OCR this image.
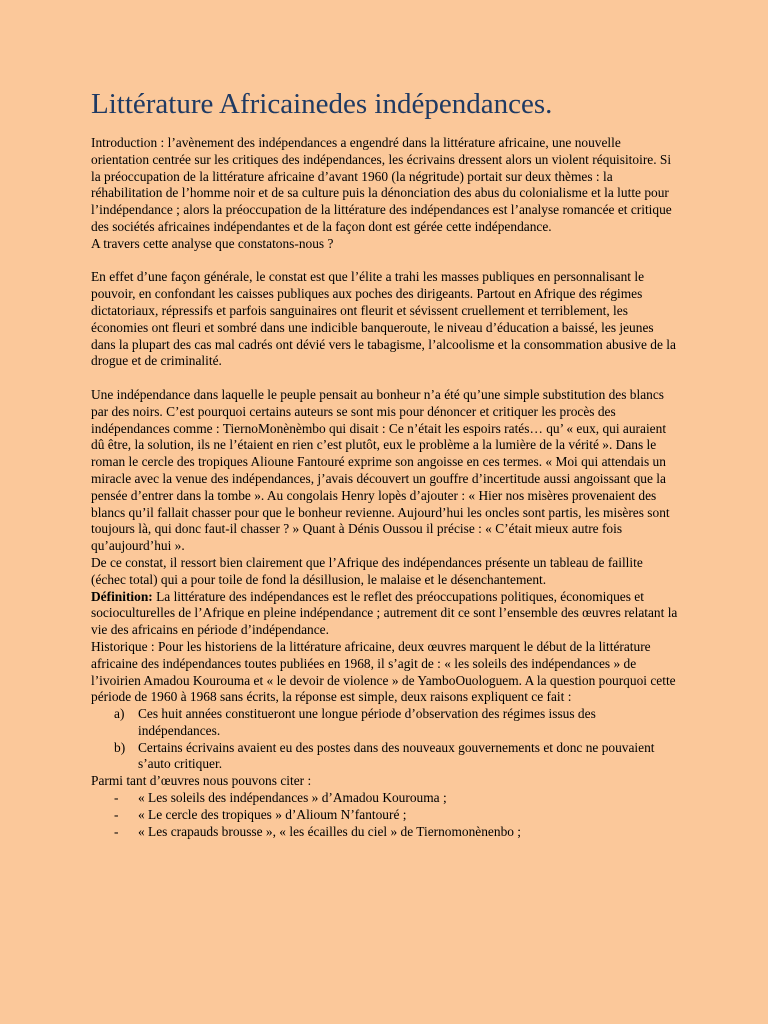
Littérature Africainedes indépendances.

Introduction : l’avènement des indépendances a engendré dans la littérature africaine, une nouvelle orientation centrée sur les critiques des indépendances, les écrivains dressent alors un violent réquisitoire. Si la préoccupation de la littérature africaine d’avant 1960 (la négritude) portait sur deux thèmes : la réhabilitation de l’homme noir et de sa culture puis la dénonciation des abus du colonialisme et la lutte pour l’indépendance ; alors la préoccupation de la littérature des indépendances est l’analyse romancée et critique des sociétés africaines indépendantes et de la façon dont est gérée cette indépendance.

A travers cette analyse que constatons-nous ?

En effet d’une façon générale, le constat est que l’élite a trahi les masses publiques en personnalisant le pouvoir, en confondant les caisses publiques aux poches des dirigeants. Partout en Afrique des régimes dictatoriaux, répressifs et parfois sanguinaires ont fleurit et sévissent cruellement et terriblement, les économies ont fleuri et sombré dans une indicible banqueroute, le niveau d’éducation a baissé, les jeunes dans la plupart des cas mal cadrés ont dévié vers le tabagisme, l’alcoolisme et la consommation abusive de la drogue et de criminalité.

Une indépendance dans laquelle le peuple pensait au bonheur n’a été qu’une simple substitution des blancs par des noirs. C’est pourquoi certains auteurs se sont mis pour dénoncer et critiquer les procès des indépendances comme : TiernoMonènèmbo qui disait : Ce n’était les espoirs ratés… qu’ « eux, qui auraient dû être, la solution, ils ne l’étaient en rien c’est plutôt, eux le problème a la lumière de la vérité ». Dans le roman le cercle des tropiques Alioune Fantouré exprime son angoisse en ces termes. « Moi qui attendais un miracle avec la venue des indépendances, j’avais découvert un gouffre d’incertitude aussi angoissant que la pensée d’entrer dans la tombe ». Au congolais Henry lopès d’ajouter : « Hier nos misères provenaient des blancs qu’il fallait chasser pour que le bonheur revienne. Aujourd’hui les oncles sont partis, les misères sont toujours là, qui donc faut-il chasser ? » Quant à Dénis Oussou il précise : « C’était mieux autre fois qu’aujourd’hui ».

De ce constat, il ressort bien clairement que l’Afrique des indépendances présente un tableau de faillite (échec total) qui a pour toile de fond la désillusion, le malaise et le désenchantement.

Définition: La littérature des indépendances est le reflet des préoccupations politiques, économiques et socioculturelles de l’Afrique en pleine indépendance ; autrement dit ce sont l’ensemble des œuvres relatant la vie des africains en période d’indépendance.

Historique : Pour les historiens de la littérature africaine, deux œuvres marquent le début de la littérature africaine des indépendances toutes publiées en 1968, il s’agit de : « les soleils des indépendances » de l’ivoirien Amadou Kourouma et « le devoir de violence » de YamboOuologuem. A la question pourquoi cette période de 1960 à 1968 sans écrits, la réponse est simple, deux raisons expliquent ce fait :

a) Ces huit années constitueront une longue période d’observation des régimes issus des indépendances.
b) Certains écrivains avaient eu des postes dans des nouveaux gouvernements et donc ne pouvaient s’auto critiquer.

Parmi tant d’œuvres nous pouvons citer :

- « Les soleils des indépendances » d’Amadou Kourouma ;
- « Le cercle des tropiques » d’Alioum N’fantouré ;
- « Les crapauds brousse », « les écailles du ciel » de Tiernomonènenbo ;
